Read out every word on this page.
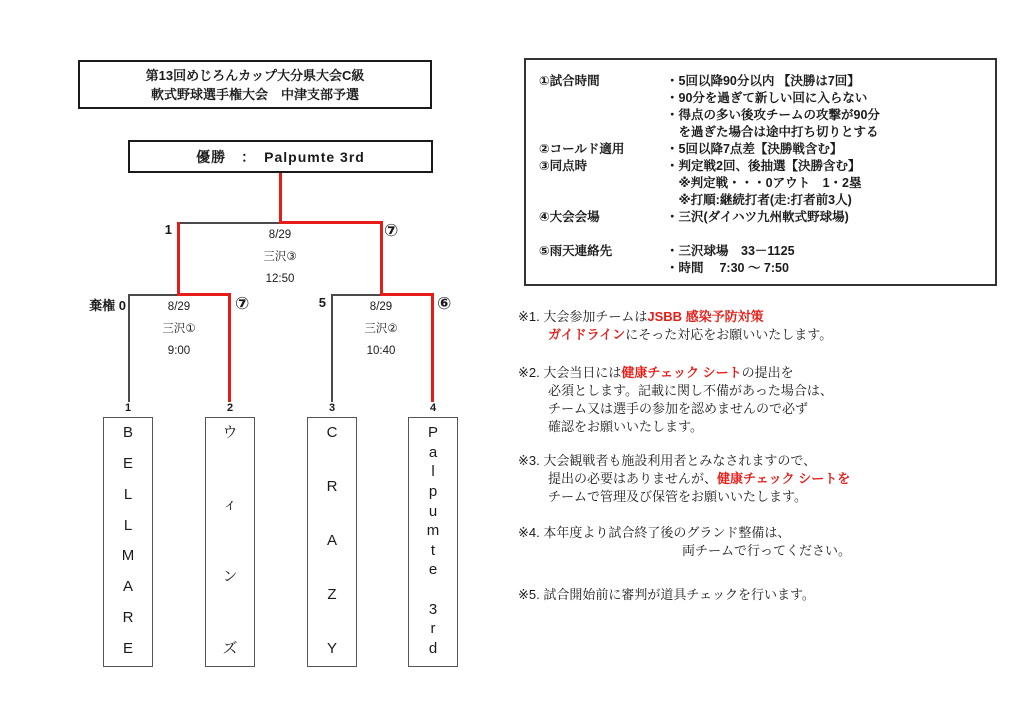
第13回めじろんカップ大分県大会C級
軟式野球選手権大会　中津支部予選
優勝　：　Palpumte 3rd
1	⑦
8/29
三沢③
12:50
棄権 0	⑦
8/29
三沢①
9:00
5	⑥
8/29
三沢②
10:40
1	2	3	4
B
E
L
L
M
A
R
E
ウ
ィ
ン
ズ
C
R
A
Z
Y
P
a
l
p
u
m
t
e

3
r
d
①試合時間	・5回以降90分以内 【決勝は7回】
・90分を過ぎて新しい回に入らない
・得点の多い後攻チームの攻撃が90分
　を過ぎた場合は途中打ち切りとする
②コールド適用	・5回以降7点差【決勝戦含む】
③同点時	・判定戦2回、後抽選【決勝含む】
　※判定戦・・・0アウト　1・2塁
　※打順:継続打者(走:打者前3人)
④大会会場	・三沢(ダイハツ九州軟式野球場)
⑤雨天連絡先	・三沢球場　33－1125
・時間　 7:30 ～ 7:50
※1. 大会参加チームはJSBB 感染予防対策
ガイドラインにそった対応をお願いいたします。
※2. 大会当日には健康チェック シートの提出を
必須とします。記載に関し不備があった場合は、
チーム又は選手の参加を認めませんので必ず
確認をお願いいたします。
※3. 大会観戦者も施設利用者とみなされますので、
提出の必要はありませんが、健康チェック シートを
チームで管理及び保管をお願いいたします。
※4. 本年度より試合終了後のグランド整備は、
両チームで行ってください。
※5. 試合開始前に審判が道具チェックを行います。
